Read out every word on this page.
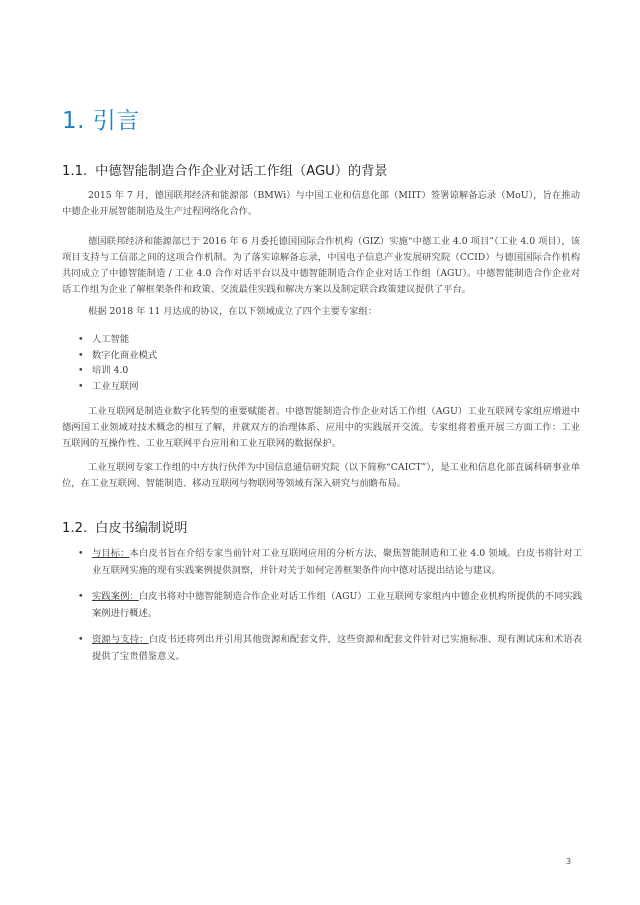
1. 引言
1.1. 中德智能制造合作企业对话工作组（AGU）的背景

2015 年 7 月，德国联邦经济和能源部（BMWi）与中国工业和信息化部（MIIT）签署谅解备忘录（MoU），旨在推动中德企业开展智能制造及生产过程网络化合作。

德国联邦经济和能源部已于 2016 年 6 月委托德国国际合作机构（GIZ）实施“中德工业 4.0 项目”（工业 4.0 项目），该项目支持与工信部之间的这项合作机制。为了落实谅解备忘录，中国电子信息产业发展研究院（CCID）与德国国际合作机构共同成立了中德智能制造 / 工业 4.0 合作对话平台以及中德智能制造合作企业对话工作组（AGU）。中德智能制造合作企业对话工作组为企业了解框架条件和政策、交流最佳实践和解决方案以及制定联合政策建议提供了平台。

根据 2018 年 11 月达成的协议，在以下领域成立了四个主要专家组：

• 人工智能
• 数字化商业模式
• 培训 4.0
• 工业互联网

工业互联网是制造业数字化转型的重要赋能者。中德智能制造合作企业对话工作组（AGU）工业互联网专家组应增进中德两国工业领域对技术概念的相互了解，并就双方的治理体系、应用中的实践展开交流。专家组将着重开展三方面工作：工业互联网的互操作性、工业互联网平台应用和工业互联网的数据保护。

工业互联网专家工作组的中方执行伙伴为中国信息通信研究院（以下简称“CAICT”），是工业和信息化部直属科研事业单位，在工业互联网、智能制造、移动互联网与物联网等领域有深入研究与前瞻布局。

1.2. 白皮书编制说明
• 与目标：本白皮书旨在介绍专家当前针对工业互联网应用的分析方法，聚焦智能制造和工业 4.0 领域。白皮书将针对工业互联网实施的现有实践案例提供洞察，并针对关于如何完善框架条件向中德对话提出结论与建议。
• 实践案例：白皮书将对中德智能制造合作企业对话工作组（AGU）工业互联网专家组内中德企业机构所提供的不同实践案例进行概述。
• 资源与支持：白皮书还将列出并引用其他资源和配套文件，这些资源和配套文件针对已实施标准、现有测试床和术语表提供了宝贵借鉴意义。
3
